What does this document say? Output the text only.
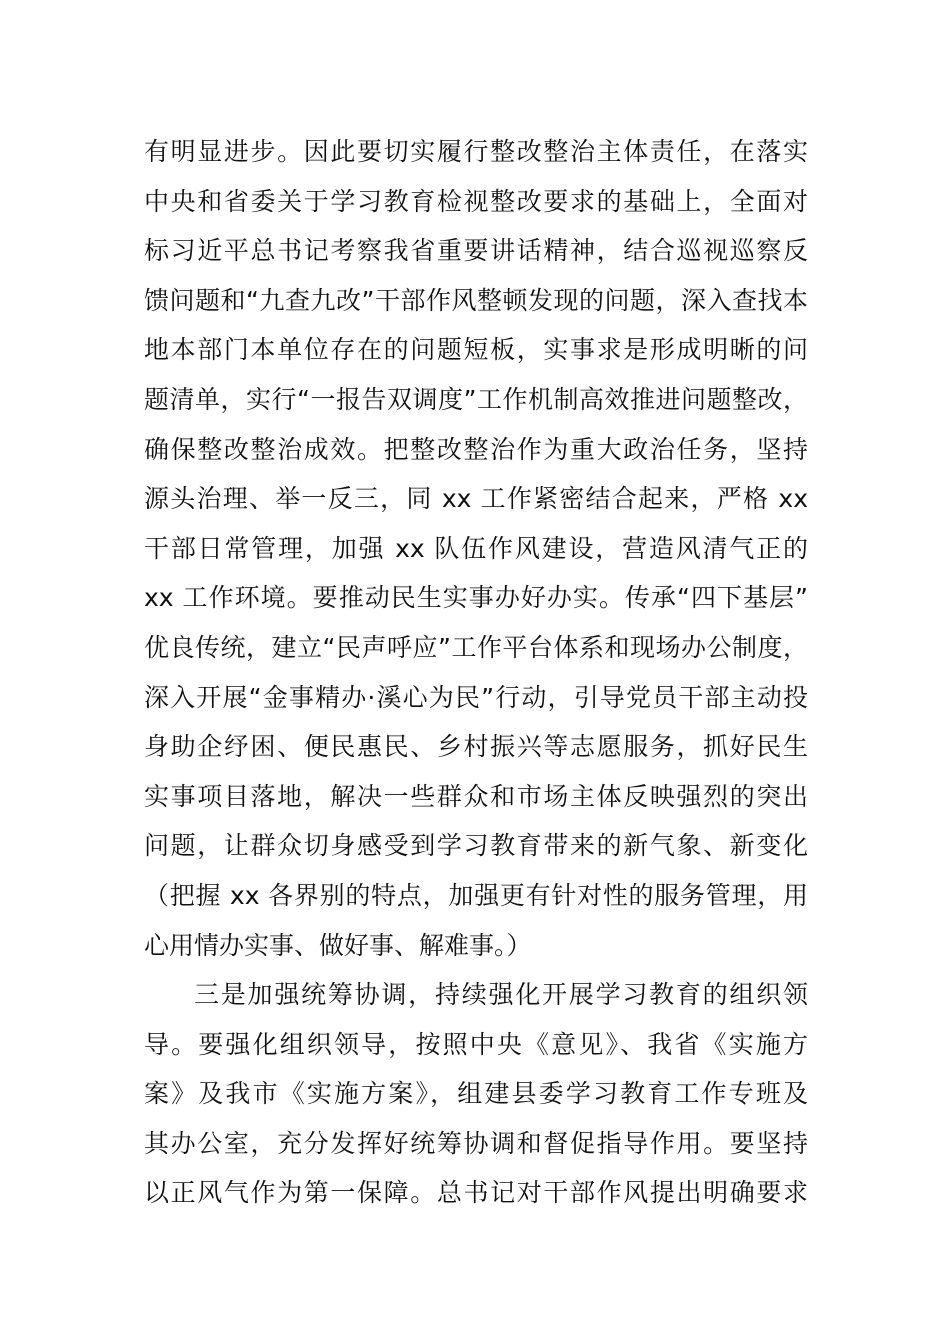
有明显进步。因此要切实履行整改整治主体责任，在落实
中央和省委关于学习教育检视整改要求的基础上，全面对
标习近平总书记考察我省重要讲话精神，结合巡视巡察反
馈问题和“九查九改”干部作风整顿发现的问题，深入查找本
地本部门本单位存在的问题短板，实事求是形成明晰的问
题清单，实行“一报告双调度”工作机制高效推进问题整改，
确保整改整治成效。把整改整治作为重大政治任务，坚持
源头治理、举一反三，同 xx 工作紧密结合起来，严格 xx
干部日常管理，加强 xx 队伍作风建设，营造风清气正的
xx 工作环境。要推动民生实事办好办实。传承“四下基层”
优良传统，建立“民声呼应”工作平台体系和现场办公制度，
深入开展“金事精办·溪心为民”行动，引导党员干部主动投
身助企纾困、便民惠民、乡村振兴等志愿服务，抓好民生
实事项目落地，解决一些群众和市场主体反映强烈的突出
问题，让群众切身感受到学习教育带来的新气象、新变化
（把握 xx 各界别的特点，加强更有针对性的服务管理，用
心用情办实事、做好事、解难事。）
三是加强统筹协调，持续强化开展学习教育的组织领
导。要强化组织领导，按照中央《意见》、我省《实施方
案》及我市《实施方案》，组建县委学习教育工作专班及
其办公室，充分发挥好统筹协调和督促指导作用。要坚持
以正风气作为第一保障。总书记对干部作风提出明确要求
